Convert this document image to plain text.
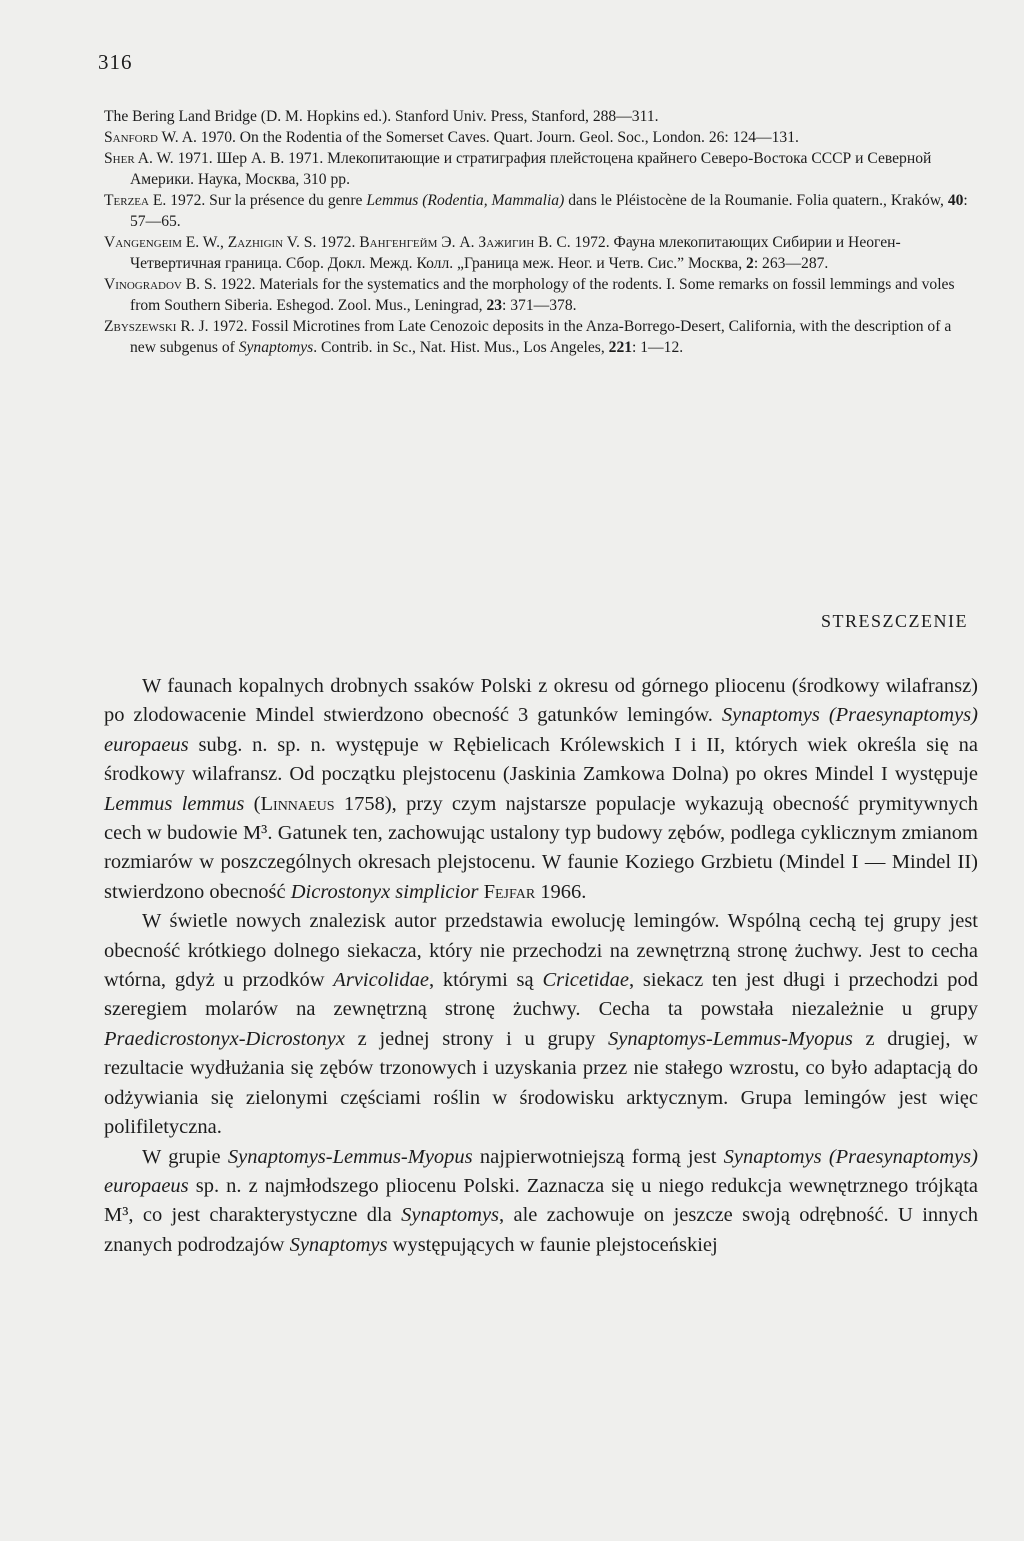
316

The Bering Land Bridge (D. M. Hopkins ed.). Stanford Univ. Press, Stanford, 288—311.

Sanford W. A. 1970. On the Rodentia of the Somerset Caves. Quart. Journ. Geol. Soc., London. 26: 124—131.

Sher A. W. 1971. Шер А. В. 1971. Млекопитающие и стратиграфия плейстоцена крайнего Северо-Востока СССР и Северной Америки. Наука, Москва, 310 pp.

Terzea E. 1972. Sur la présence du genre Lemmus (Rodentia, Mammalia) dans le Pléistocène de la Roumanie. Folia quatern., Kraków, 40: 57—65.

Vangengeim E. W., Zazhigin V. S. 1972. Вангенгейм Э. А. Зажигин В. С. 1972. Фауна млекопитающих Сибирии и Неоген-Четвертичная граница. Сбор. Докл. Межд. Колл. „Граница меж. Неог. и Четв. Сис.” Москва, 2: 263—287.

Vinogradov B. S. 1922. Materials for the systematics and the morphology of the rodents. I. Some remarks on fossil lemmings and voles from Southern Siberia. Eshegod. Zool. Mus., Leningrad, 23: 371—378.

Zbyszewski R. J. 1972. Fossil Microtines from Late Cenozoic deposits in the Anza-Borrego-Desert, California, with the description of a new subgenus of Synaptomys. Contrib. in Sc., Nat. Hist. Mus., Los Angeles, 221: 1—12.

STRESZCZENIE

W faunach kopalnych drobnych ssaków Polski z okresu od górnego pliocenu (środkowy wilafransz) po zlodowacenie Mindel stwierdzono obecność 3 gatunków lemingów. Synaptomys (Praesynaptomys) europaeus subg. n. sp. n. występuje w Rębielicach Królewskich I i II, których wiek określa się na środkowy wilafransz. Od początku plejstocenu (Jaskinia Zamkowa Dolna) po okres Mindel I występuje Lemmus lemmus (Linnaeus 1758), przy czym najstarsze populacje wykazują obecność prymitywnych cech w budowie M³. Gatunek ten, zachowując ustalony typ budowy zębów, podlega cyklicznym zmianom rozmiarów w poszczególnych okresach plejstocenu. W faunie Koziego Grzbietu (Mindel I — Mindel II) stwierdzono obecność Dicrostonyx simplicior Fejfar 1966.

W świetle nowych znalezisk autor przedstawia ewolucję lemingów. Wspólną cechą tej grupy jest obecność krótkiego dolnego siekacza, który nie przechodzi na zewnętrzną stronę żuchwy. Jest to cecha wtórna, gdyż u przodków Arvicolidae, którymi są Cricetidae, siekacz ten jest długi i przechodzi pod szeregiem molarów na zewnętrzną stronę żuchwy. Cecha ta powstała niezależnie u grupy Praedicrostonyx-Dicrostonyx z jednej strony i u grupy Synaptomys-Lemmus-Myopus z drugiej, w rezultacie wydłużania się zębów trzonowych i uzyskania przez nie stałego wzrostu, co było adaptacją do odżywiania się zielonymi częściami roślin w środowisku arktycznym. Grupa lemingów jest więc polifiletyczna.

W grupie Synaptomys-Lemmus-Myopus najpierwotniejszą formą jest Synaptomys (Praesynaptomys) europaeus sp. n. z najmłodszego pliocenu Polski. Zaznacza się u niego redukcja wewnętrznego trójkąta M³, co jest charakterystyczne dla Synaptomys, ale zachowuje on jeszcze swoją odrębność. U innych znanych podrodzajów Synaptomys występujących w faunie plejstoceńskiej
